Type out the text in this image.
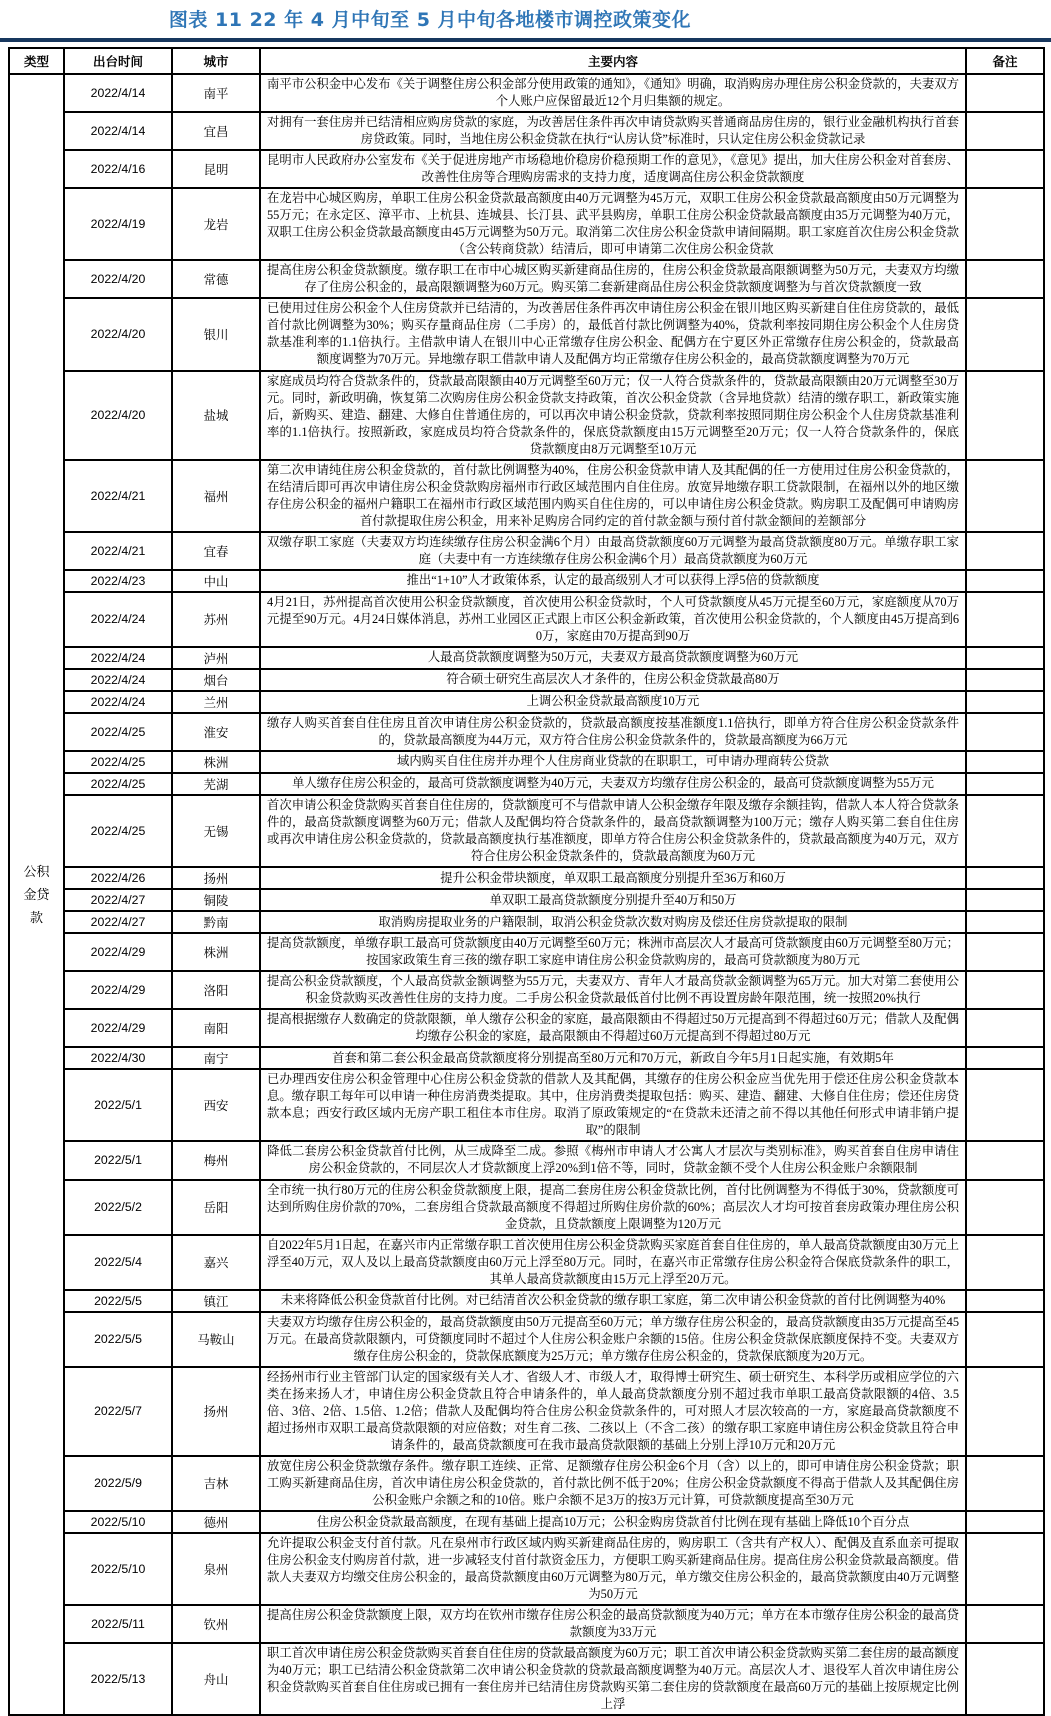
图表 11 22 年 4 月中旬至 5 月中旬各地楼市调控政策变化
类型	出台时间	城市	主要内容	备注
公积金贷款	2022/4/14	南平	南平市公积金中心发布《关于调整住房公积金部分使用政策的通知》，《通知》明确，取消购房办理住房公积金贷款的，夫妻双方个人账户应保留最近12个月归集额的规定。	
	2022/4/14	宜昌	对拥有一套住房并已结清相应购房贷款的家庭，为改善居住条件再次申请贷款购买普通商品房住房的，银行业金融机构执行首套房贷政策。同时，当地住房公积金贷款在执行“认房认贷”标准时，只认定住房公积金贷款记录	
	2022/4/16	昆明	昆明市人民政府办公室发布《关于促进房地产市场稳地价稳房价稳预期工作的意见》，《意见》提出，加大住房公积金对首套房、改善性住房等合理购房需求的支持力度，适度调高住房公积金贷款额度	
	2022/4/19	龙岩	在龙岩中心城区购房，单职工住房公积金贷款最高额度由40万元调整为45万元，双职工住房公积金贷款最高额度由50万元调整为55万元；在永定区、漳平市、上杭县、连城县、长汀县、武平县购房，单职工住房公积金贷款最高额度由35万元调整为40万元，双职工住房公积金贷款最高额度由45万元调整为50万元。取消第二次住房公积金贷款申请间隔期。职工家庭首次住房公积金贷款（含公转商贷款）结清后，即可申请第二次住房公积金贷款	
	2022/4/20	常德	提高住房公积金贷款额度。缴存职工在市中心城区购买新建商品住房的，住房公积金贷款最高限额调整为50万元，夫妻双方均缴存了住房公积金的，最高限额调整为60万元。购买第二套新建商品住房公积金贷款额度调整为与首次贷款额度一致	
	2022/4/20	银川	已使用过住房公积金个人住房贷款并已结清的，为改善居住条件再次申请住房公积金在银川地区购买新建自住住房贷款的，最低首付款比例调整为30%；购买存量商品住房（二手房）的，最低首付款比例调整为40%，贷款利率按同期住房公积金个人住房贷款基准利率的1.1倍执行。主借款申请人在银川中心正常缴存住房公积金、配偶方在宁夏区外正常缴存住房公积金的，贷款最高额度调整为70万元。异地缴存职工借款申请人及配偶方均正常缴存住房公积金的，最高贷款额度调整为70万元	
	2022/4/20	盐城	家庭成员均符合贷款条件的，贷款最高限额由40万元调整至60万元；仅一人符合贷款条件的，贷款最高限额由20万元调整至30万元。同时，新政明确，恢复第二次购房住房公积金贷款支持政策，首次公积金贷款（含异地贷款）结清的缴存职工，新政策实施后，新购买、建造、翻建、大修自住普通住房的，可以再次申请公积金贷款，贷款利率按照同期住房公积金个人住房贷款基准利率的1.1倍执行。按照新政，家庭成员均符合贷款条件的，保底贷款额度由15万元调整至20万元；仅一人符合贷款条件的，保底贷款额度由8万元调整至10万元	
	2022/4/21	福州	第二次申请纯住房公积金贷款的，首付款比例调整为40%，住房公积金贷款申请人及其配偶的任一方使用过住房公积金贷款的，在结清后即可再次申请住房公积金贷款购房福州市行政区域范围内自住住房。放宽异地缴存职工贷款限制，在福州以外的地区缴存住房公积金的福州户籍职工在福州市行政区域范围内购买自住住房的，可以申请住房公积金贷款。购房职工及配偶可申请购房首付款提取住房公积金，用来补足购房合同约定的首付款金额与预付首付款金额间的差额部分	
	2022/4/21	宜春	双缴存职工家庭（夫妻双方均连续缴存住房公积金满6个月）由最高贷款额度60万元调整为最高贷款额度80万元。单缴存职工家庭（夫妻中有一方连续缴存住房公积金满6个月）最高贷款额度为60万元	
	2022/4/23	中山	推出“1+10”人才政策体系，认定的最高级别人才可以获得上浮5倍的贷款额度	
	2022/4/24	苏州	4月21日，苏州提高首次使用公积金贷款额度，首次使用公积金贷款时，个人可贷款额度从45万元提至60万元，家庭额度从70万元提至90万元。4月24日媒体消息，苏州工业园区正式跟上市区公积金新政策，首次使用公积金贷款的，个人额度由45万提高到60万，家庭由70万提高到90万	
	2022/4/24	泸州	人最高贷款额度调整为50万元，夫妻双方最高贷款额度调整为60万元	
	2022/4/24	烟台	符合硕士研究生高层次人才条件的，住房公积金贷款最高80万	
	2022/4/24	兰州	上调公积金贷款最高额度10万元	
	2022/4/25	淮安	缴存人购买首套自住住房且首次申请住房公积金贷款的，贷款最高额度按基准额度1.1倍执行，即单方符合住房公积金贷款条件的，贷款最高额度为44万元，双方符合住房公积金贷款条件的，贷款最高额度为66万元	
	2022/4/25	株洲	域内购买自住住房并办理个人住房商业贷款的在职职工，可申请办理商转公贷款	
	2022/4/25	芜湖	单人缴存住房公积金的，最高可贷款额度调整为40万元，夫妻双方均缴存住房公积金的，最高可贷款额度调整为55万元	
	2022/4/25	无锡	首次申请公积金贷款购买首套自住住房的，贷款额度可不与借款申请人公积金缴存年限及缴存余额挂钩，借款人本人符合贷款条件的，最高贷款额度调整为60万元；借款人及配偶均符合贷款条件的，最高贷款额调整为100万元；缴存人购买第二套自住住房或再次申请住房公积金贷款的，贷款最高额度执行基准额度，即单方符合住房公积金贷款条件的，贷款最高额度为40万元，双方符合住房公积金贷款条件的，贷款最高额度为60万元	
	2022/4/26	扬州	提升公积金带块额度，单双职工最高额度分别提升至36万和60万	
	2022/4/27	铜陵	单双职工最高贷款额度分别提升至40万和50万	
	2022/4/27	黔南	取消购房提取业务的户籍限制，取消公积金贷款次数对购房及偿还住房贷款提取的限制	
	2022/4/29	株洲	提高贷款额度，单缴存职工最高可贷款额度由40万元调整至60万元；株洲市高层次人才最高可贷款额度由60万元调整至80万元；按国家政策生育三孩的缴存职工家庭申请住房公积金贷款购房的，最高可贷款额度为80万元	
	2022/4/29	洛阳	提高公积金贷款额度，个人最高贷款金额调整为55万元，夫妻双方、青年人才最高贷款金额调整为65万元。加大对第二套使用公积金贷款购买改善性住房的支持力度。二手房公积金贷款最低首付比例不再设置房龄年限范围，统一按照20%执行	
	2022/4/29	南阳	提高根据缴存人数确定的贷款限额，单人缴存公积金的家庭，最高限额由不得超过50万元提高到不得超过60万元；借款人及配偶均缴存公积金的家庭，最高限额由不得超过60万元提高到不得超过80万元	
	2022/4/30	南宁	首套和第二套公积金最高贷款额度将分别提高至80万元和70万元，新政自今年5月1日起实施，有效期5年	
	2022/5/1	西安	已办理西安住房公积金管理中心住房公积金贷款的借款人及其配偶，其缴存的住房公积金应当优先用于偿还住房公积金贷款本息。缴存职工每年可以申请一种住房消费类提取。其中，住房消费类提取包括：购买、建造、翻建、大修自住住房；偿还住房贷款本息；西安行政区域内无房产职工租住本市住房。取消了原政策规定的“在贷款未还清之前不得以其他任何形式申请非销户提取”的限制	
	2022/5/1	梅州	降低二套房公积金贷款首付比例，从三成降至二成。参照《梅州市申请人才公寓人才层次与类别标准》，购买首套自住房申请住房公积金贷款的，不同层次人才贷款额度上浮20%到1倍不等，同时，贷款金额不受个人住房公积金账户余额限制	
	2022/5/2	岳阳	全市统一执行80万元的住房公积金贷款额度上限，提高二套房住房公积金贷款比例，首付比例调整为不得低于30%，贷款额度可达到所购住房价款的70%，二套房组合贷款最高额度不得超过所购住房价款的60%；高层次人才均可按首套房政策办理住房公积金贷款，且贷款额度上限调整为120万元	
	2022/5/4	嘉兴	自2022年5月1日起，在嘉兴市内正常缴存职工首次使用住房公积金贷款购买家庭首套自住住房的，单人最高贷款额度由30万元上浮至40万元，双人及以上最高贷款额度由60万元上浮至80万元。同时，在嘉兴市正常缴存住房公积金符合保底贷款条件的职工，其单人最高贷款额度由15万元上浮至20万元。	
	2022/5/5	镇江	未来将降低公积金贷款首付比例。对已结清首次公积金贷款的缴存职工家庭，第二次申请公积金贷款的首付比例调整为40%	
	2022/5/5	马鞍山	夫妻双方均缴存住房公积金的，最高贷款额度由50万元提高至60万元；单方缴存住房公积金的，最高贷款额度由35万元提高至45万元。在最高贷款限额内，可贷额度同时不超过个人住房公积金账户余额的15倍。住房公积金贷款保底额度保持不变。夫妻双方缴存住房公积金的，贷款保底额度为25万元；单方缴存住房公积金的，贷款保底额度为20万元。	
	2022/5/7	扬州	经扬州市行业主管部门认定的国家级有关人才、省级人才、市级人才，取得博士研究生、硕士研究生、本科学历或相应学位的六类在扬来扬人才，申请住房公积金贷款且符合申请条件的，单人最高贷款额度分别不超过我市单职工最高贷款限额的4倍、3.5倍、3倍、2倍、1.5倍、1.2倍；借款人及配偶均符合住房公积金贷款条件的，可对照人才层次较高的一方，家庭最高贷款额度不超过扬州市双职工最高贷款限额的对应倍数；对生育二孩、二孩以上（不含二孩）的缴存职工家庭申请住房公积金贷款且符合申请条件的，最高贷款额度可在我市最高贷款限额的基础上分别上浮10万元和20万元	
	2022/5/9	吉林	放宽住房公积金贷款缴存条件。缴存职工连续、正常、足额缴存住房公积金6个月（含）以上的，即可申请住房公积金贷款；职工购买新建商品住房，首次申请住房公积金贷款的，首付款比例不低于20%；住房公积金贷款额度不得高于借款人及其配偶住房公积金账户余额之和的10倍。账户余额不足3万的按3万元计算，可贷款额度提高至30万元	
	2022/5/10	德州	住房公积金贷款最高额度，在现有基础上提高10万元；公积金购房贷款首付比例在现有基础上降低10个百分点	
	2022/5/10	泉州	允许提取公积金支付首付款。凡在泉州市行政区域内购买新建商品住房的，购房职工（含共有产权人）、配偶及直系血亲可提取住房公积金支付购房首付款，进一步减轻支付首付款资金压力，方便职工购买新建商品住房。提高住房公积金贷款最高额度。借款人夫妻双方均缴交住房公积金的，最高贷款额度由60万元调整为80万元，单方缴交住房公积金的，最高贷款额度由40万元调整为50万元	
	2022/5/11	钦州	提高住房公积金贷款额度上限，双方均在钦州市缴存住房公积金的最高贷款额度为40万元；单方在本市缴存住房公积金的最高贷款额度为33万元	
	2022/5/13	舟山	职工首次申请住房公积金贷款购买首套自住住房的贷款最高额度为60万元；职工首次申请公积金贷款购买第二套住房的最高额度为40万元；职工已结清公积金贷款第二次申请公积金贷款的贷款最高额度调整为40万元。高层次人才、退役军人首次申请住房公积金贷款购买首套自住住房或已拥有一套住房并已结清住房贷款购买第二套住房的贷款额度在最高60万元的基础上按原规定比例上浮	
